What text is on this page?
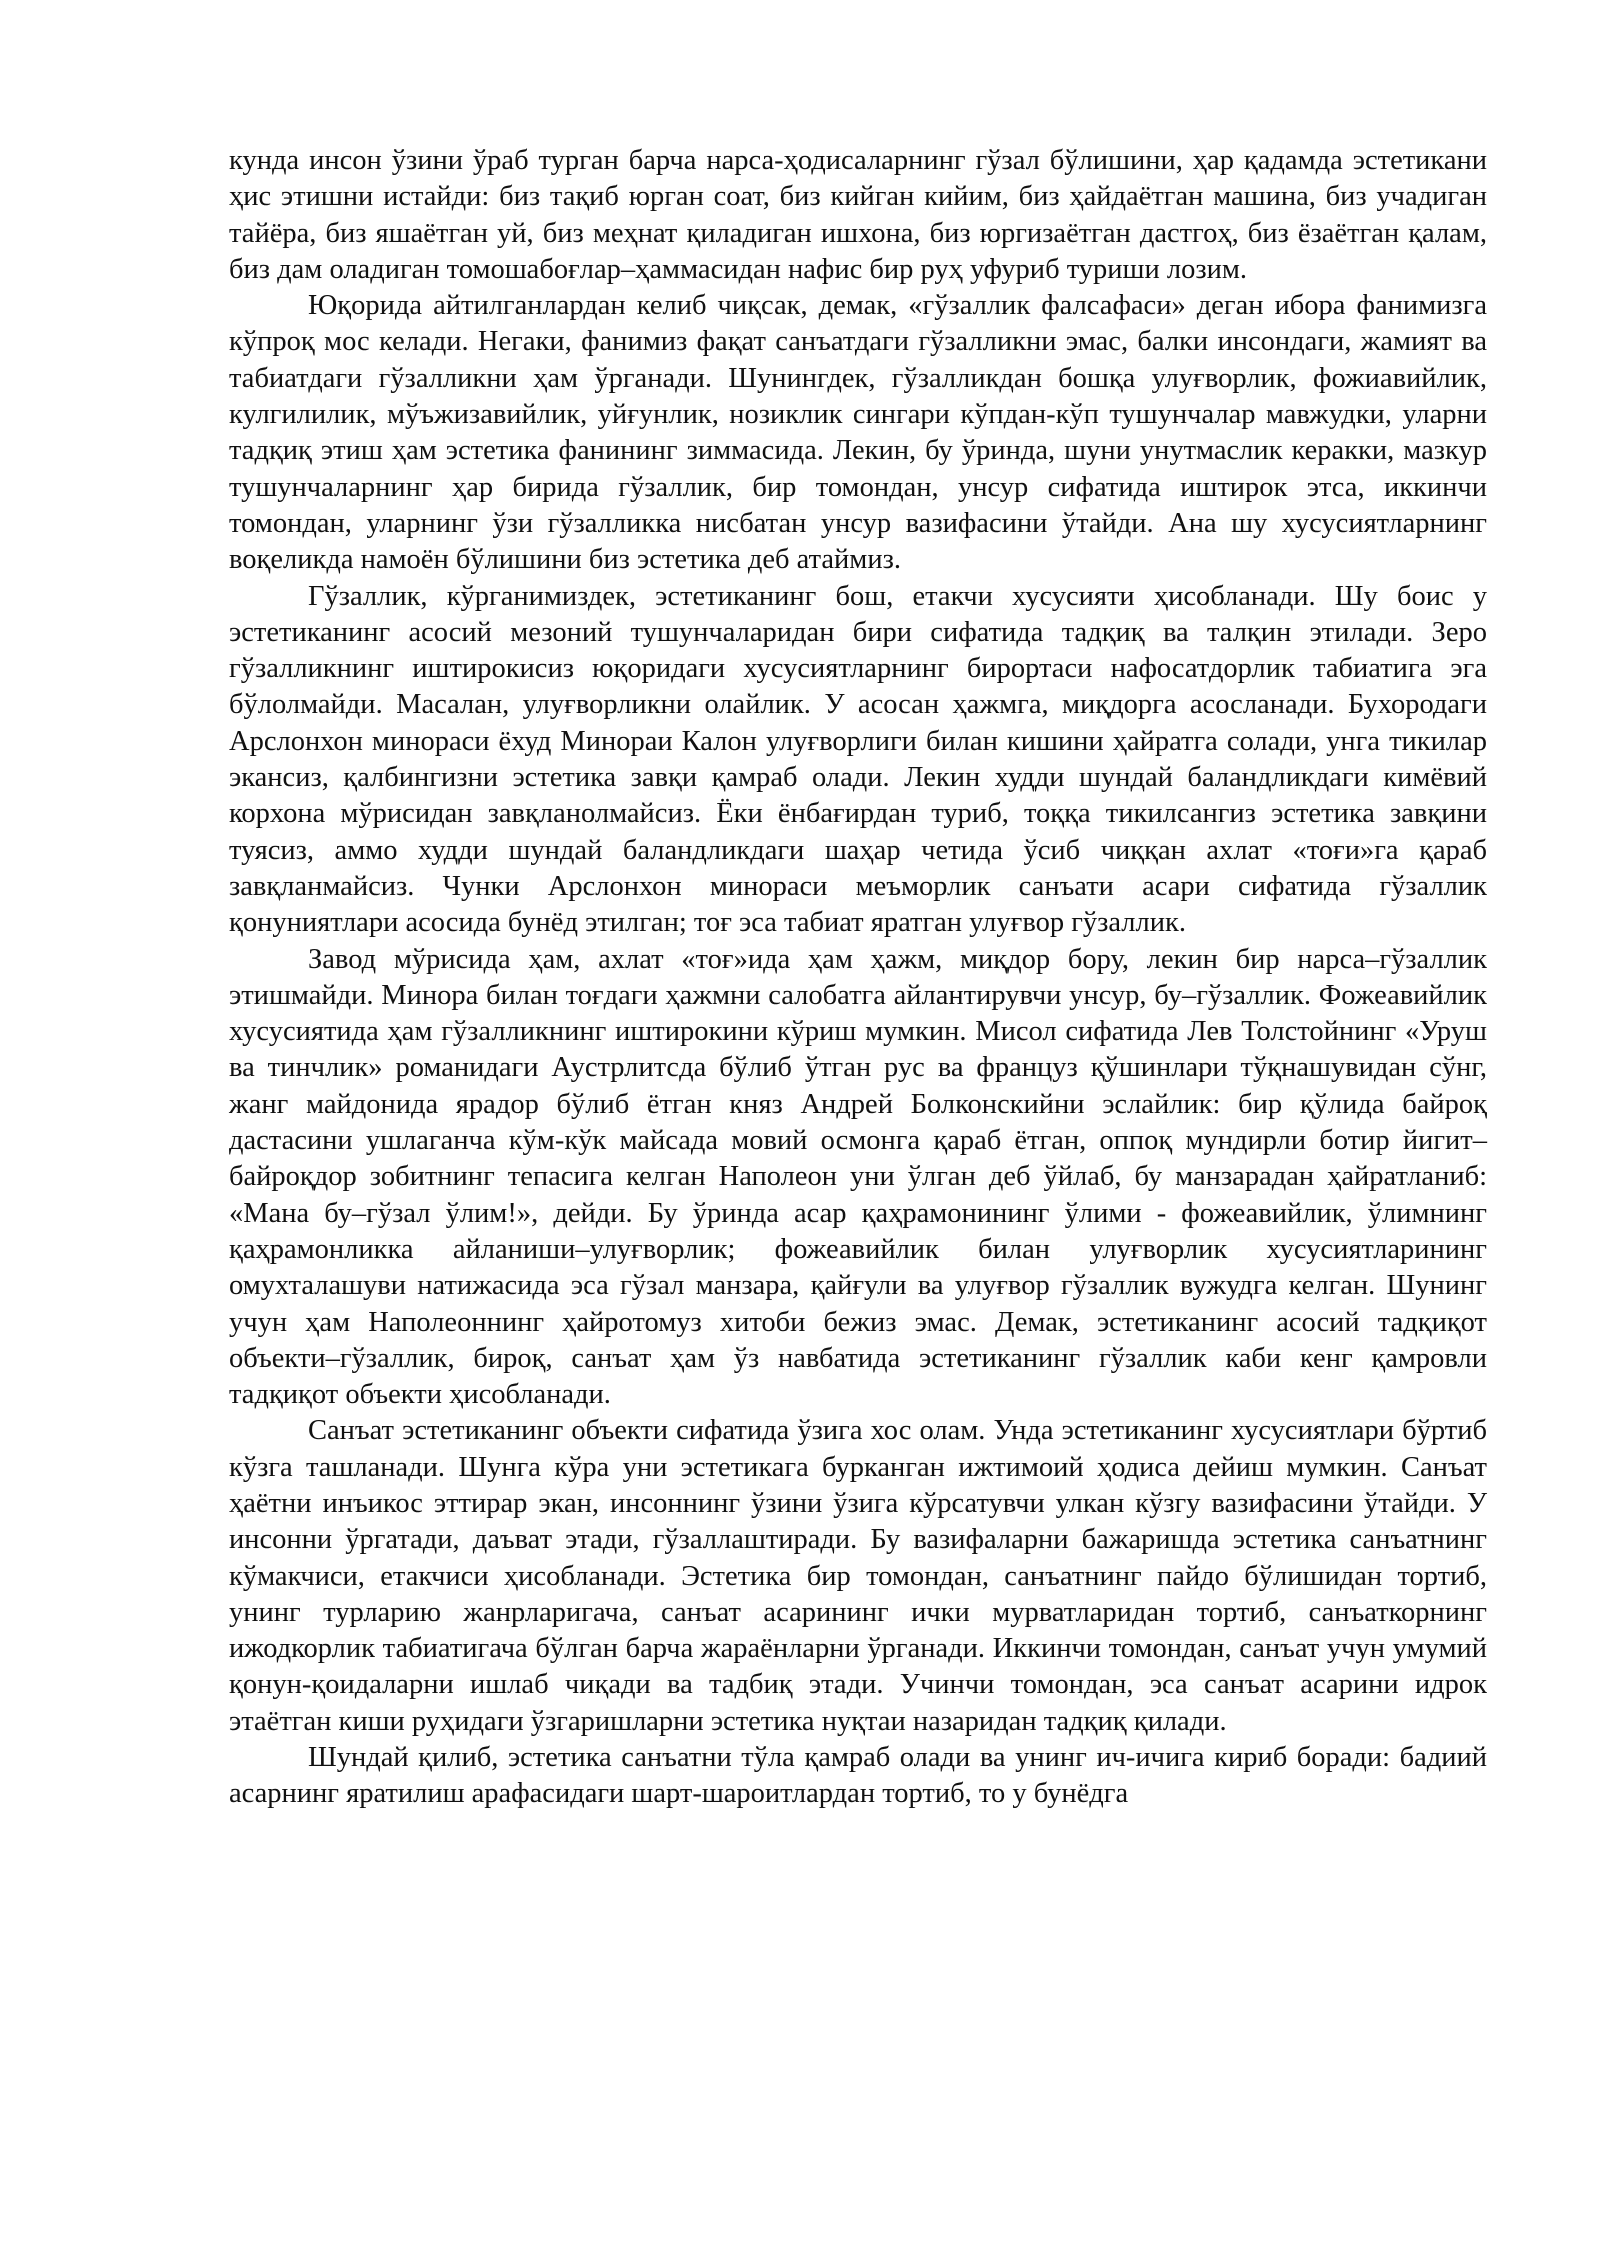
кунда инсон ўзини ўраб турган барча нарса-ҳодисаларнинг гўзал бўлишини, ҳар қадамда эстетикани ҳис этишни истайди: биз тақиб юрган соат, биз кийган кийим, биз ҳайдаётган машина, биз учадиган тайёра, биз яшаётган уй, биз меҳнат қиладиган ишхона, биз юргизаётган дастгоҳ, биз ёзаётган қалам, биз дам оладиган томошабоғлар–ҳаммасидан нафис бир руҳ уфуриб туриши лозим.

Юқорида айтилганлардан келиб чиқсак, демак, «гўзаллик фалсафаси» деган ибора фанимизга кўпроқ мос келади. Негаки, фанимиз фақат санъатдаги гўзалликни эмас, балки инсондаги, жамият ва табиатдаги гўзалликни ҳам ўрганади. Шунингдек, гўзалликдан бошқа улуғворлик, фожиавийлик, кулгилилик, мўъжизавийлик, уйғунлик, нозиклик сингари кўпдан-кўп тушунчалар мавжудки, уларни тадқиқ этиш ҳам эстетика фанининг зиммасида. Лекин, бу ўринда, шуни унутмаслик керакки, мазкур тушунчаларнинг ҳар бирида гўзаллик, бир томондан, унсур сифатида иштирок этса, иккинчи томондан, уларнинг ўзи гўзалликка нисбатан унсур вазифасини ўтайди. Ана шу хусусиятларнинг воқеликда намоён бўлишини биз эстетика деб атаймиз.

Гўзаллик, кўрганимиздек, эстетиканинг бош, етакчи хусусияти ҳисобланади. Шу боис у эстетиканинг асосий мезоний тушунчаларидан бири сифатида тадқиқ ва талқин этилади. Зеро гўзалликнинг иштирокисиз юқоридаги хусусиятларнинг бирортаси нафосатдорлик табиатига эга бўлолмайди. Масалан, улуғворликни олайлик. У асосан ҳажмга, миқдорга асосланади. Бухородаги Арслонхон минораси ёхуд Минораи Калон улуғворлиги билан кишини ҳайратга солади, унга тикилар экансиз, қалбингизни эстетика завқи қамраб олади. Лекин худди шундай баландликдаги кимёвий корхона мўрисидан завқланолмайсиз. Ёки ёнбағирдан туриб, тоққа тикилсангиз эстетика завқини туясиз, аммо худди шундай баландликдаги шаҳар четида ўсиб чиққан ахлат «тоғи»га қараб завқланмайсиз. Чунки Арслонхон минораси меъморлик санъати асари сифатида гўзаллик қонуниятлари асосида бунёд этилган; тоғ эса табиат яратган улуғвор гўзаллик.

Завод мўрисида ҳам, ахлат «тоғ»ида ҳам ҳажм, миқдор бору, лекин бир нарса–гўзаллик этишмайди. Минора билан тоғдаги ҳажмни салобатга айлантирувчи унсур, бу–гўзаллик. Фожеавийлик хусусиятида ҳам гўзалликнинг иштирокини кўриш мумкин. Мисол сифатида Лев Толстойнинг «Уруш ва тинчлик» романидаги Аустрлитсда бўлиб ўтган рус ва француз қўшинлари тўқнашувидан сўнг, жанг майдонида ярадор бўлиб ётган княз Андрей Болконскийни эслайлик: бир қўлида байроқ дастасини ушлаганча кўм-кўк майсада мовий осмонга қараб ётган, оппоқ мундирли ботир йигит–байроқдор зобитнинг тепасига келган Наполеон уни ўлган деб ўйлаб, бу манзарадан ҳайратланиб: «Мана бу–гўзал ўлим!», дейди. Бу ўринда асар қаҳрамонининг ўлими - фожеавийлик, ўлимнинг қаҳрамонликка айланиши–улуғворлик; фожеавийлик билан улуғворлик хусусиятларининг омухталашуви натижасида эса гўзал манзара, қайғули ва улуғвор гўзаллик вужудга келган. Шунинг учун ҳам Наполеоннинг ҳайротомуз хитоби бежиз эмас. Демак, эстетиканинг асосий тадқиқот объекти–гўзаллик, бироқ, санъат ҳам ўз навбатида эстетиканинг гўзаллик каби кенг қамровли тадқиқот объекти ҳисобланади.

Санъат эстетиканинг объекти сифатида ўзига хос олам. Унда эстетиканинг хусусиятлари бўртиб кўзга ташланади. Шунга кўра уни эстетикага бурканган ижтимоий ҳодиса дейиш мумкин. Санъат ҳаётни инъикос эттирар экан, инсоннинг ўзини ўзига кўрсатувчи улкан кўзгу вазифасини ўтайди. У инсонни ўргатади, даъват этади, гўзаллаштиради. Бу вазифаларни бажаришда эстетика санъатнинг кўмакчиси, етакчиси ҳисобланади. Эстетика бир томондан, санъатнинг пайдо бўлишидан тортиб, унинг турларию жанрларигача, санъат асарининг ички мурватларидан тортиб, санъаткорнинг ижодкорлик табиатигача бўлган барча жараёнларни ўрганади. Иккинчи томондан, санъат учун умумий қонун-қоидаларни ишлаб чиқади ва тадбиқ этади. Учинчи томондан, эса санъат асарини идрок этаётган киши руҳидаги ўзгаришларни эстетика нуқтаи назаридан тадқиқ қилади.

Шундай қилиб, эстетика санъатни тўла қамраб олади ва унинг ич-ичига кириб боради: бадиий асарнинг яратилиш арафасидаги шарт-шароитлардан тортиб, то у бунёдга
